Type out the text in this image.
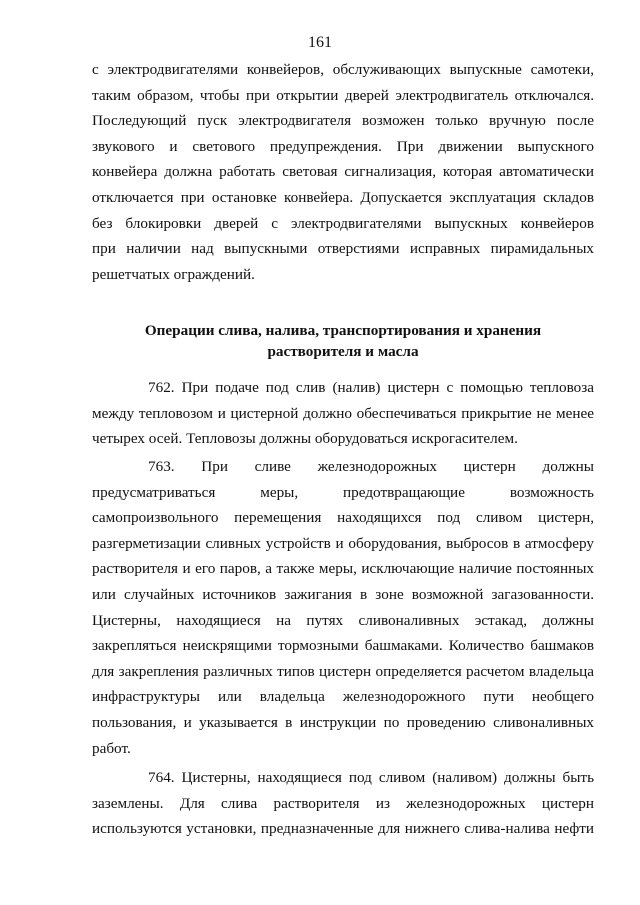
161
с электродвигателями конвейеров, обслуживающих выпускные самотеки,
таким образом, чтобы при открытии дверей электродвигатель отключался.
Последующий пуск электродвигателя возможен только вручную после
звукового и светового предупреждения. При движении выпускного
конвейера должна работать световая сигнализация, которая автоматически
отключается при остановке конвейера. Допускается эксплуатация складов
без блокировки дверей с электродвигателями выпускных конвейеров
при наличии над выпускными отверстиями исправных пирамидальных
решетчатых ограждений.
Операции слива, налива, транспортирования и хранения
растворителя и масла
762. При подаче под слив (налив) цистерн с помощью тепловоза
между тепловозом и цистерной должно обеспечиваться прикрытие не менее
четырех осей. Тепловозы должны оборудоваться искрогасителем.
763. При сливе железнодорожных цистерн должны
предусматриваться меры, предотвращающие возможность
самопроизвольного перемещения находящихся под сливом цистерн,
разгерметизации сливных устройств и оборудования, выбросов в атмосферу
растворителя и его паров, а также меры, исключающие наличие постоянных
или случайных источников зажигания в зоне возможной загазованности.
Цистерны, находящиеся на путях сливоналивных эстакад, должны
закрепляться неискрящими тормозными башмаками. Количество башмаков
для закрепления различных типов цистерн определяется расчетом владельца
инфраструктуры или владельца железнодорожного пути необщего
пользования, и указывается в инструкции по проведению сливоналивных
работ.
764. Цистерны, находящиеся под сливом (наливом) должны быть
заземлены. Для слива растворителя из железнодорожных цистерн
используются установки, предназначенные для нижнего слива-налива нефти
